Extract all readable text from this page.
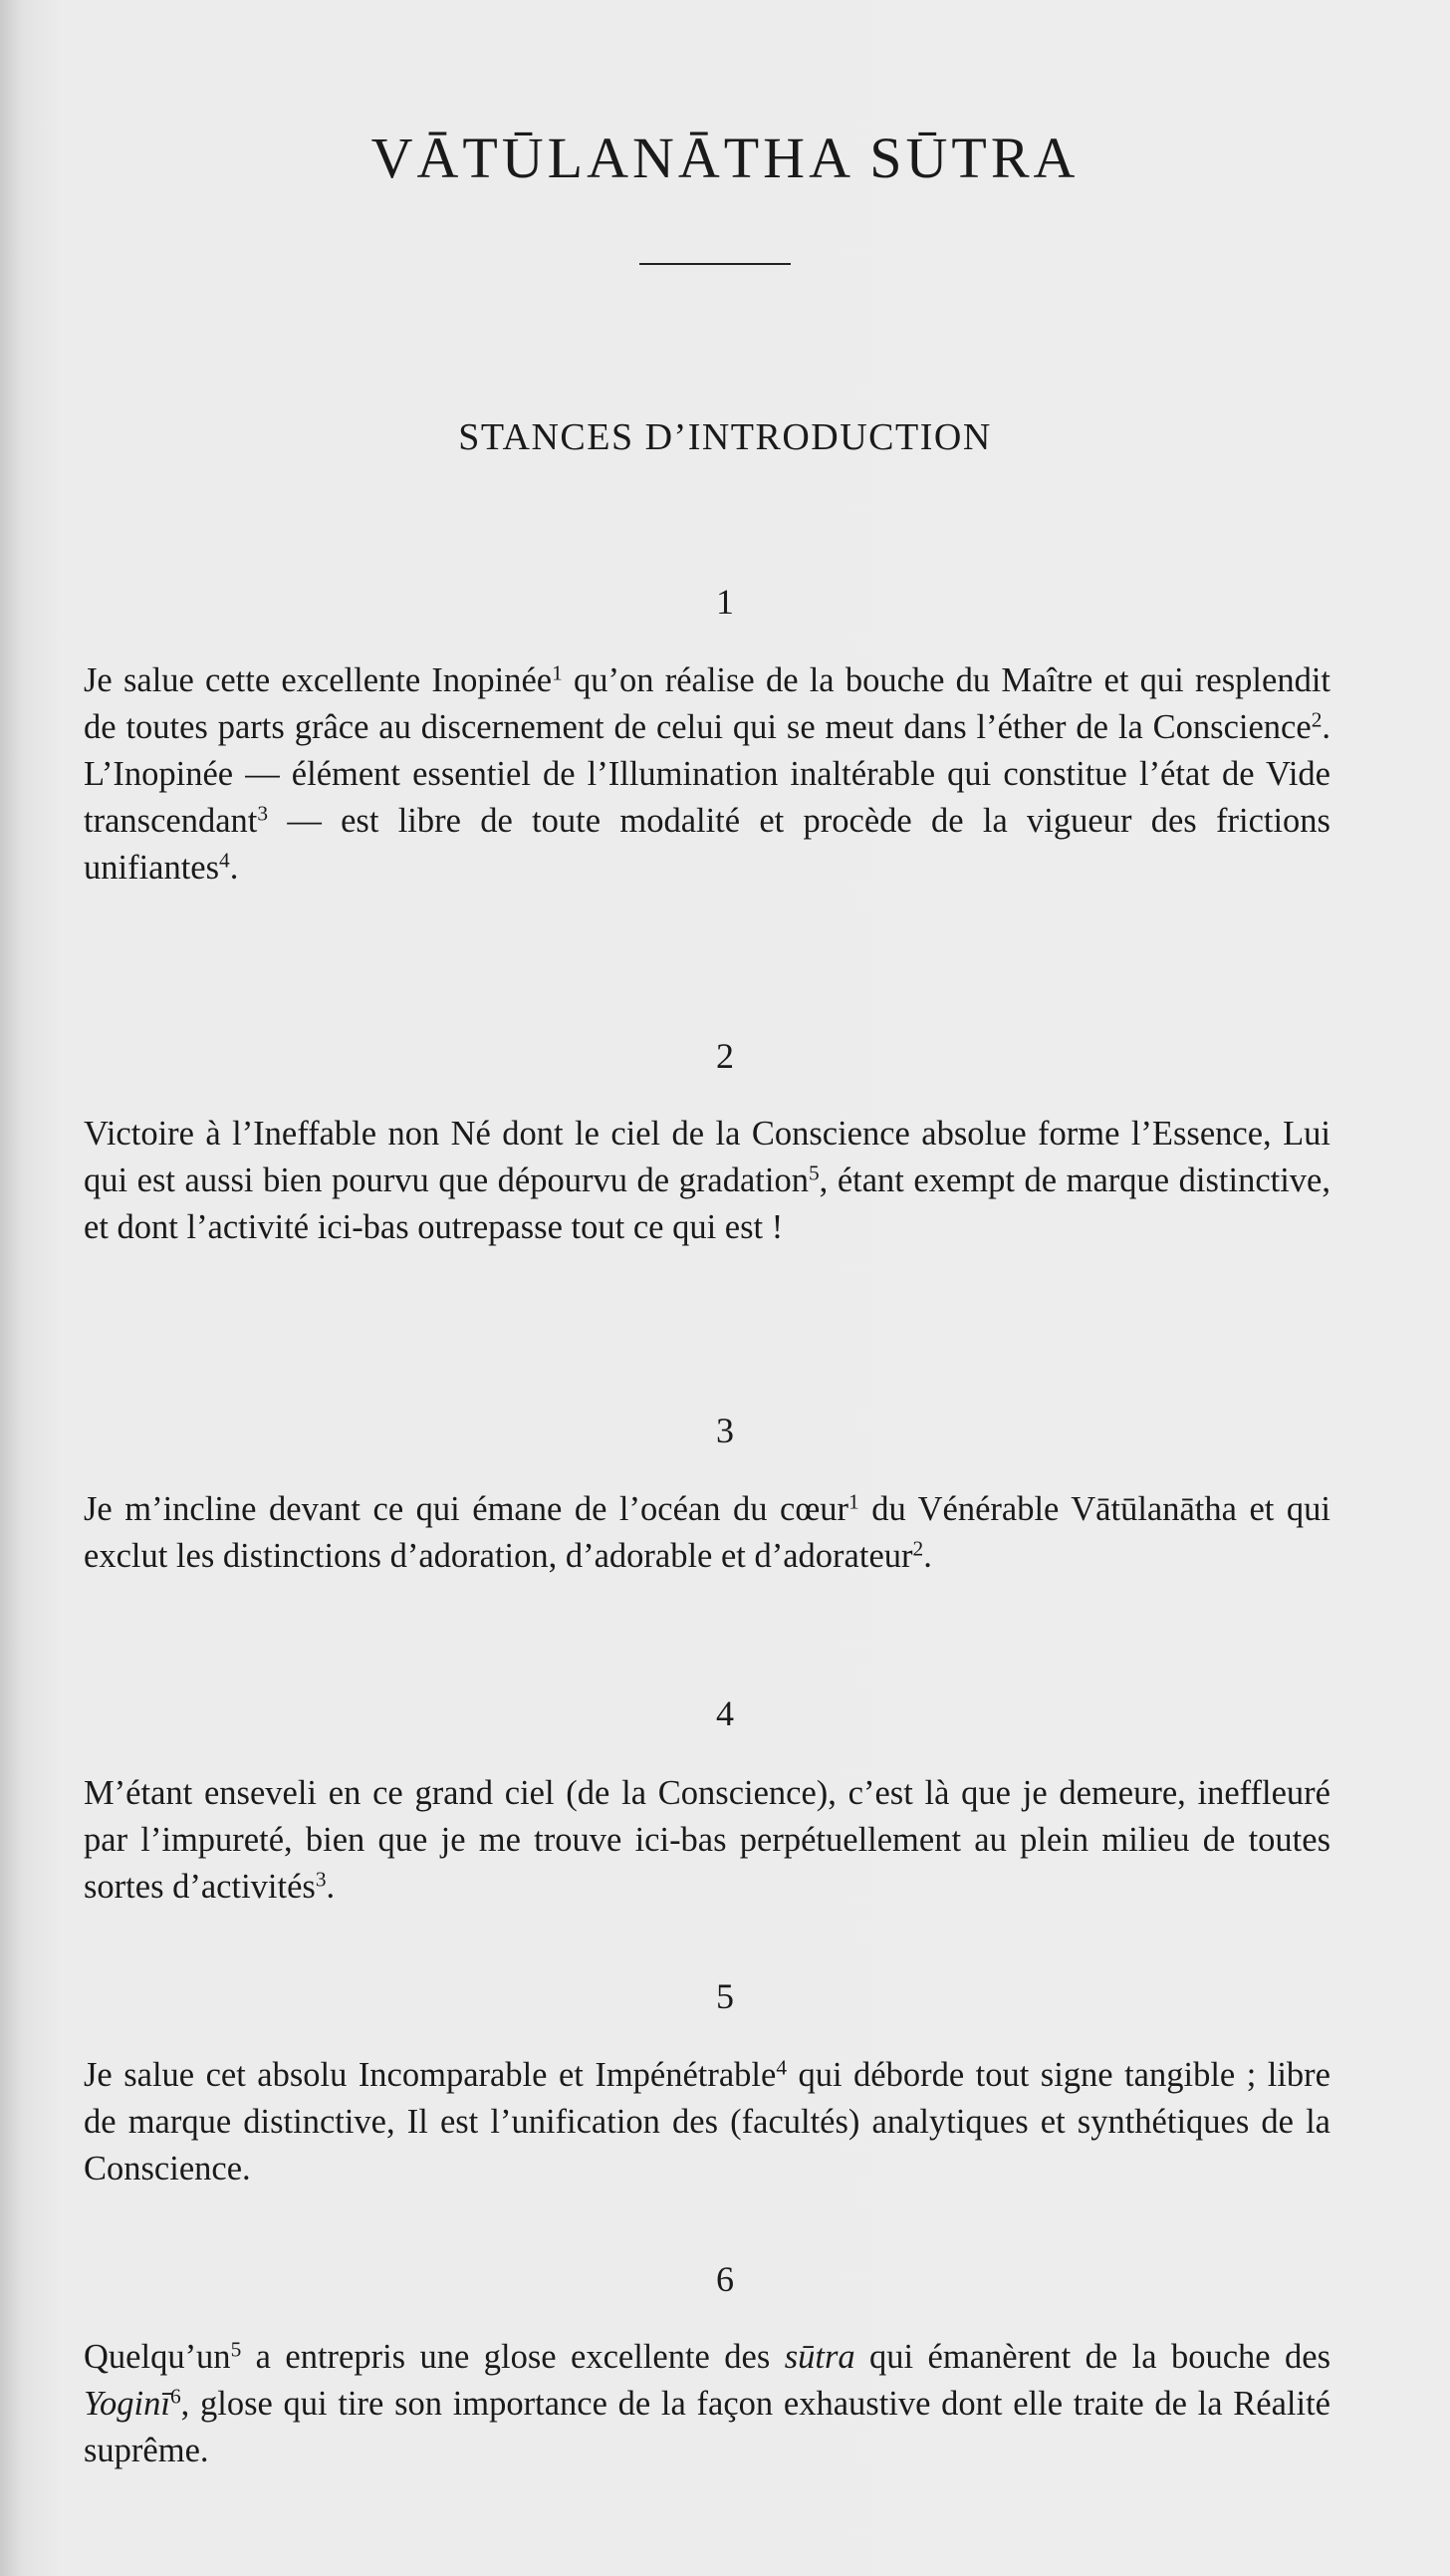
VĀTŪLANĀTHA SŪTRA
STANCES D’INTRODUCTION
1

Je salue cette excellente Inopinée$^1$ qu’on réalise de la bouche du Maître et qui resplendit de toutes parts grâce au discernement de celui qui se meut dans l’éther de la Conscience$^2$. L’Inopinée — élément essentiel de l’Illumination inaltérable qui constitue l’état de Vide transcendant$^3$ — est libre de toute modalité et procède de la vigueur des frictions unifiantes$^4$.

2

Victoire à l’Ineffable non Né dont le ciel de la Conscience absolue forme l’Essence, Lui qui est aussi bien pourvu que dépourvu de gradation$^5$, étant exempt de marque distinctive, et dont l’activité ici-bas outrepasse tout ce qui est !

3

Je m’incline devant ce qui émane de l’océan du cœur$^1$ du Vénérable Vātūlanātha et qui exclut les distinctions d’adoration, d’adorable et d’adorateur$^2$.

4

M’étant enseveli en ce grand ciel (de la Conscience), c’est là que je demeure, ineffleuré par l’impureté, bien que je me trouve ici-bas perpétuellement au plein milieu de toutes sortes d’activités$^3$.

5

Je salue cet absolu Incomparable et Impénétrable$^4$ qui déborde tout signe tangible ; libre de marque distinctive, Il est l’unification des (facultés) analytiques et synthétiques de la Conscience.

6

$Quelqu’un^5$ a entrepris une glose excellente des sūtra qui émanèrent de la bouche des Yoginī$^6$, glose qui tire son importance de la façon exhaustive dont elle traite de la Réalité suprême.
